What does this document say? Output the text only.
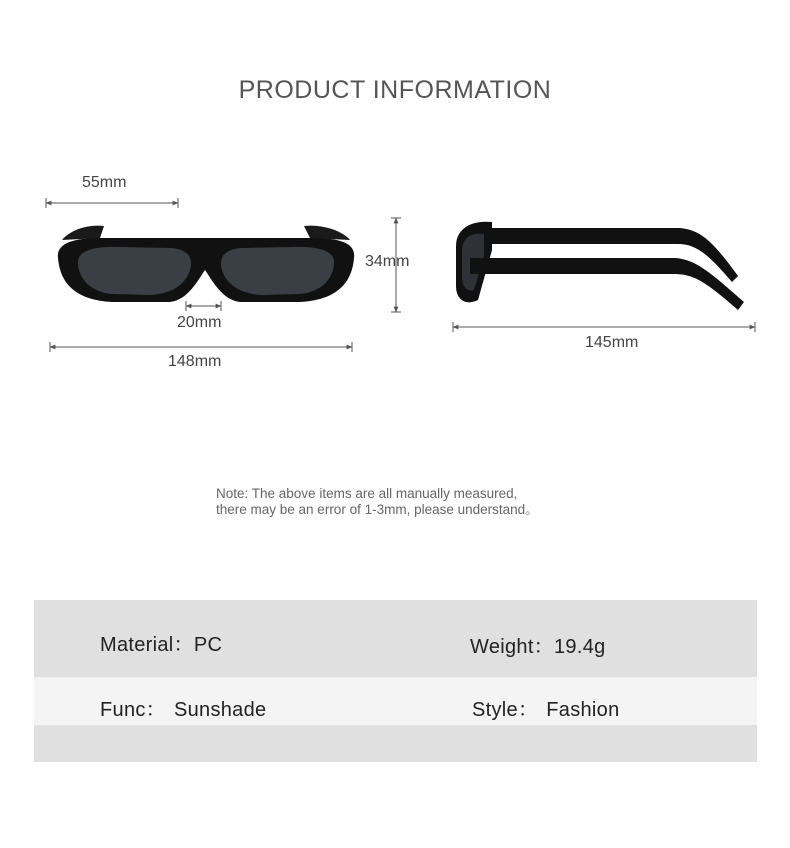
PRODUCT INFORMATION
55mm
20mm
148mm
34mm
145mm
Note: The above items are all manually measured,
there may be an error of 1-3mm, please understand。
Material：PC	Weight：19.4g
Func： Sunshade	Style： Fashion
